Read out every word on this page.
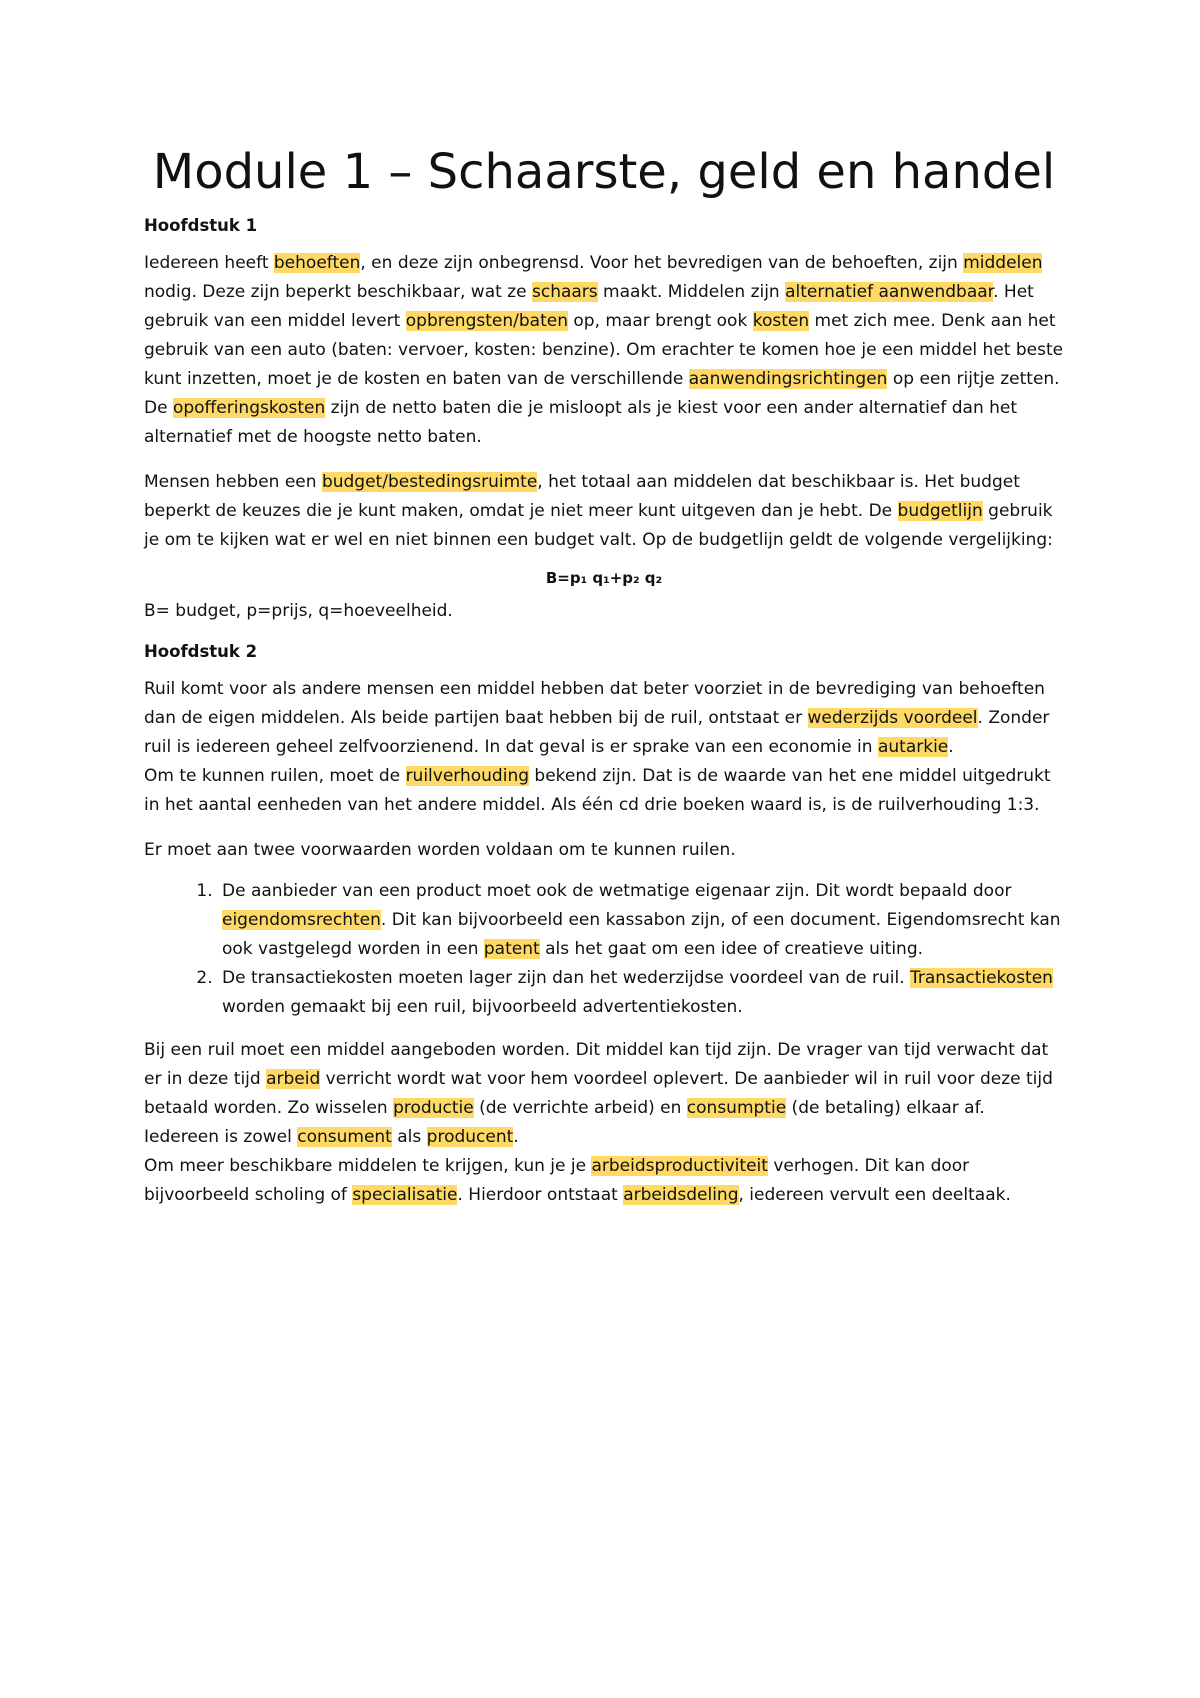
Module 1 – Schaarste, geld en handel
Hoofdstuk 1

Iedereen heeft behoeften, en deze zijn onbegrensd. Voor het bevredigen van de behoeften, zijn middelen nodig. Deze zijn beperkt beschikbaar, wat ze schaars maakt. Middelen zijn alternatief aanwendbaar. Het gebruik van een middel levert opbrengsten/baten op, maar brengt ook kosten met zich mee. Denk aan het gebruik van een auto (baten: vervoer, kosten: benzine). Om erachter te komen hoe je een middel het beste kunt inzetten, moet je de kosten en baten van de verschillende aanwendingsrichtingen op een rijtje zetten.

De opofferingskosten zijn de netto baten die je misloopt als je kiest voor een ander alternatief dan het alternatief met de hoogste netto baten.

Mensen hebben een budget/bestedingsruimte, het totaal aan middelen dat beschikbaar is. Het budget beperkt de keuzes die je kunt maken, omdat je niet meer kunt uitgeven dan je hebt. De budgetlijn gebruik je om te kijken wat er wel en niet binnen een budget valt. Op de budgetlijn geldt de volgende vergelijking:

B=p₁ q₁+p₂ q₂

B= budget, p=prijs, q=hoeveelheid.

Hoofdstuk 2

Ruil komt voor als andere mensen een middel hebben dat beter voorziet in de bevrediging van behoeften dan de eigen middelen. Als beide partijen baat hebben bij de ruil, ontstaat er wederzijds voordeel. Zonder ruil is iedereen geheel zelfvoorzienend. In dat geval is er sprake van een economie in autarkie.

Om te kunnen ruilen, moet de ruilverhouding bekend zijn. Dat is de waarde van het ene middel uitgedrukt in het aantal eenheden van het andere middel. Als één cd drie boeken waard is, is de ruilverhouding 1:3.

Er moet aan twee voorwaarden worden voldaan om te kunnen ruilen.

1. De aanbieder van een product moet ook de wetmatige eigenaar zijn. Dit wordt bepaald door eigendomsrechten. Dit kan bijvoorbeeld een kassabon zijn, of een document. Eigendomsrecht kan ook vastgelegd worden in een patent als het gaat om een idee of creatieve uiting.
2. De transactiekosten moeten lager zijn dan het wederzijdse voordeel van de ruil. Transactiekosten worden gemaakt bij een ruil, bijvoorbeeld advertentiekosten.

Bij een ruil moet een middel aangeboden worden. Dit middel kan tijd zijn. De vrager van tijd verwacht dat er in deze tijd arbeid verricht wordt wat voor hem voordeel oplevert. De aanbieder wil in ruil voor deze tijd betaald worden. Zo wisselen productie (de verrichte arbeid) en consumptie (de betaling) elkaar af. Iedereen is zowel consument als producent.

Om meer beschikbare middelen te krijgen, kun je je arbeidsproductiviteit verhogen. Dit kan door bijvoorbeeld scholing of specialisatie. Hierdoor ontstaat arbeidsdeling, iedereen vervult een deeltaak.
